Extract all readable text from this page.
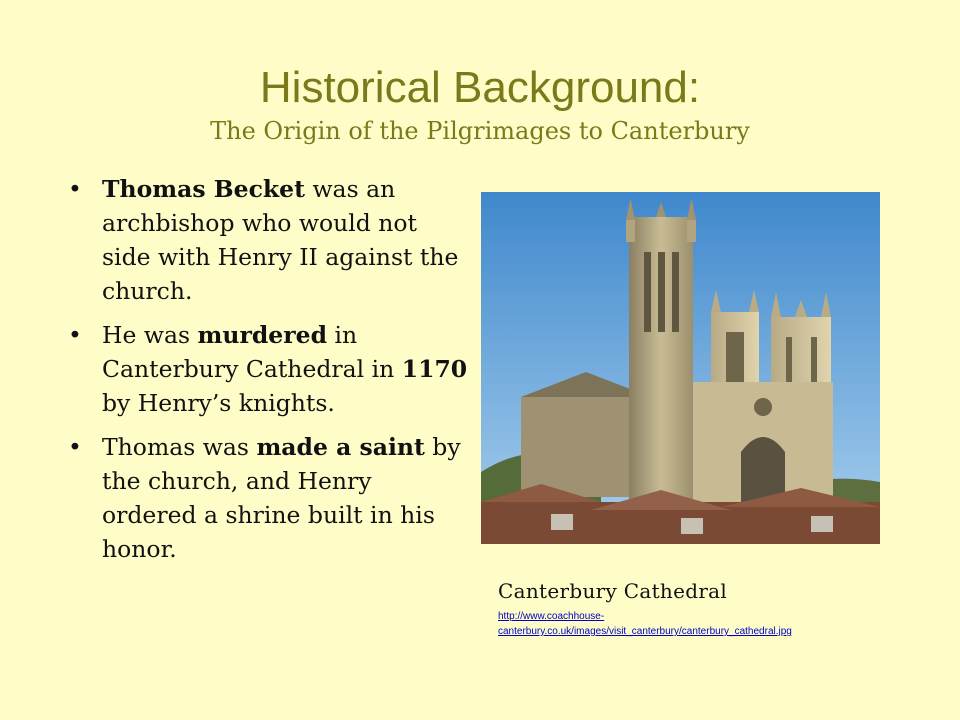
Historical Background:
The Origin of the Pilgrimages to Canterbury
• Thomas Becket was an archbishop who would not side with Henry II against the church.
• He was murdered in Canterbury Cathedral in 1170 by Henry’s knights.
• Thomas was made a saint by the church, and Henry ordered a shrine built in his honor.
Canterbury Cathedral
http://www.coachhouse-canterbury.co.uk/images/visit_canterbury/canterbury_cathedral.jpg
